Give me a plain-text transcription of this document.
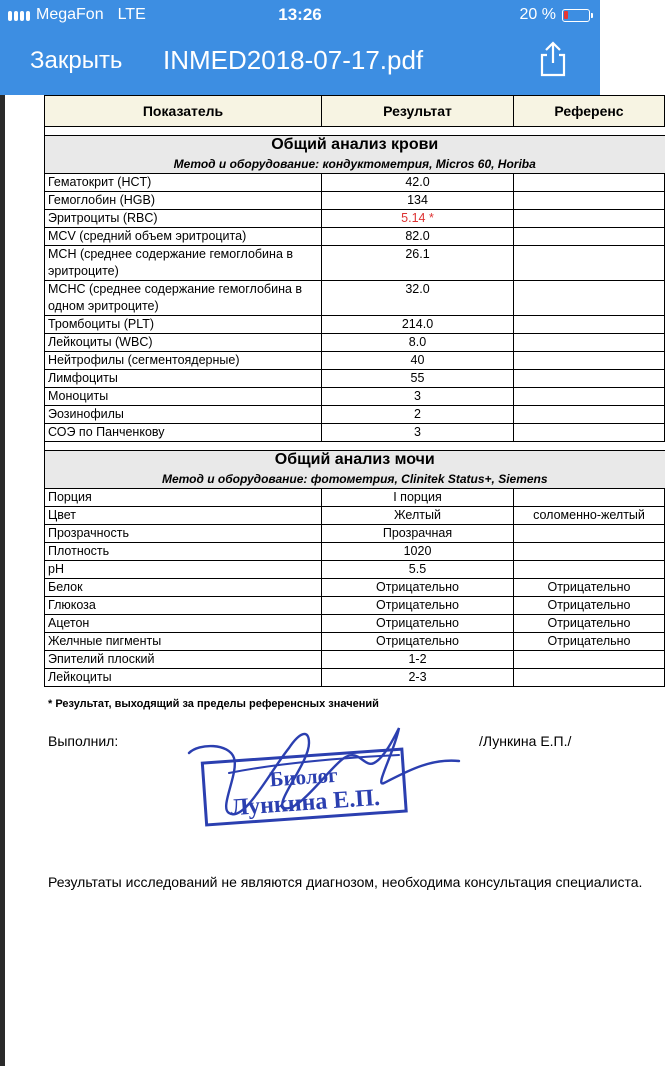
MegaFon LTE	13:26	20 %
Закрыть INMED2018-07-17.pdf
Показатель	Результат	Референс

Общий анализ крови		
Метод и оборудование: кондуктометрия, Micros 60, Horiba		
Гематокрит (HCT)	42.0	
Гемоглобин (HGB)	134	
Эритроциты (RBC)	5.14 *	
MCV (средний объем эритроцита)	82.0	
МСН (среднее содержание гемоглобина в эритроците)	26.1	
МСНС (среднее содержание гемоглобина в одном эритроците)	32.0	
Тромбоциты (PLT)	214.0	
Лейкоциты (WBC)	8.0	
Нейтрофилы (сегментоядерные)	40	
Лимфоциты	55	
Моноциты	3	
Эозинофилы	2	
СОЭ по Панченкову	3	

Общий анализ мочи		
Метод и оборудование: фотометрия, Clinitek Status+, Siemens		
Порция	I порция	
Цвет	Желтый	соломенно-желтый
Прозрачность	Прозрачная	
Плотность	1020	
pH	5.5	
Белок	Отрицательно	Отрицательно
Глюкоза	Отрицательно	Отрицательно
Ацетон	Отрицательно	Отрицательно
Желчные пигменты	Отрицательно	Отрицательно
Эпителий плоский	1-2	
Лейкоциты	2-3	
* Результат, выходящий за пределы референсных значений
Выполнил:	/Лункина Е.П./
Биолог
Лункина Е.П.
Результаты исследований не являются диагнозом, необходима консультация специалиста.
